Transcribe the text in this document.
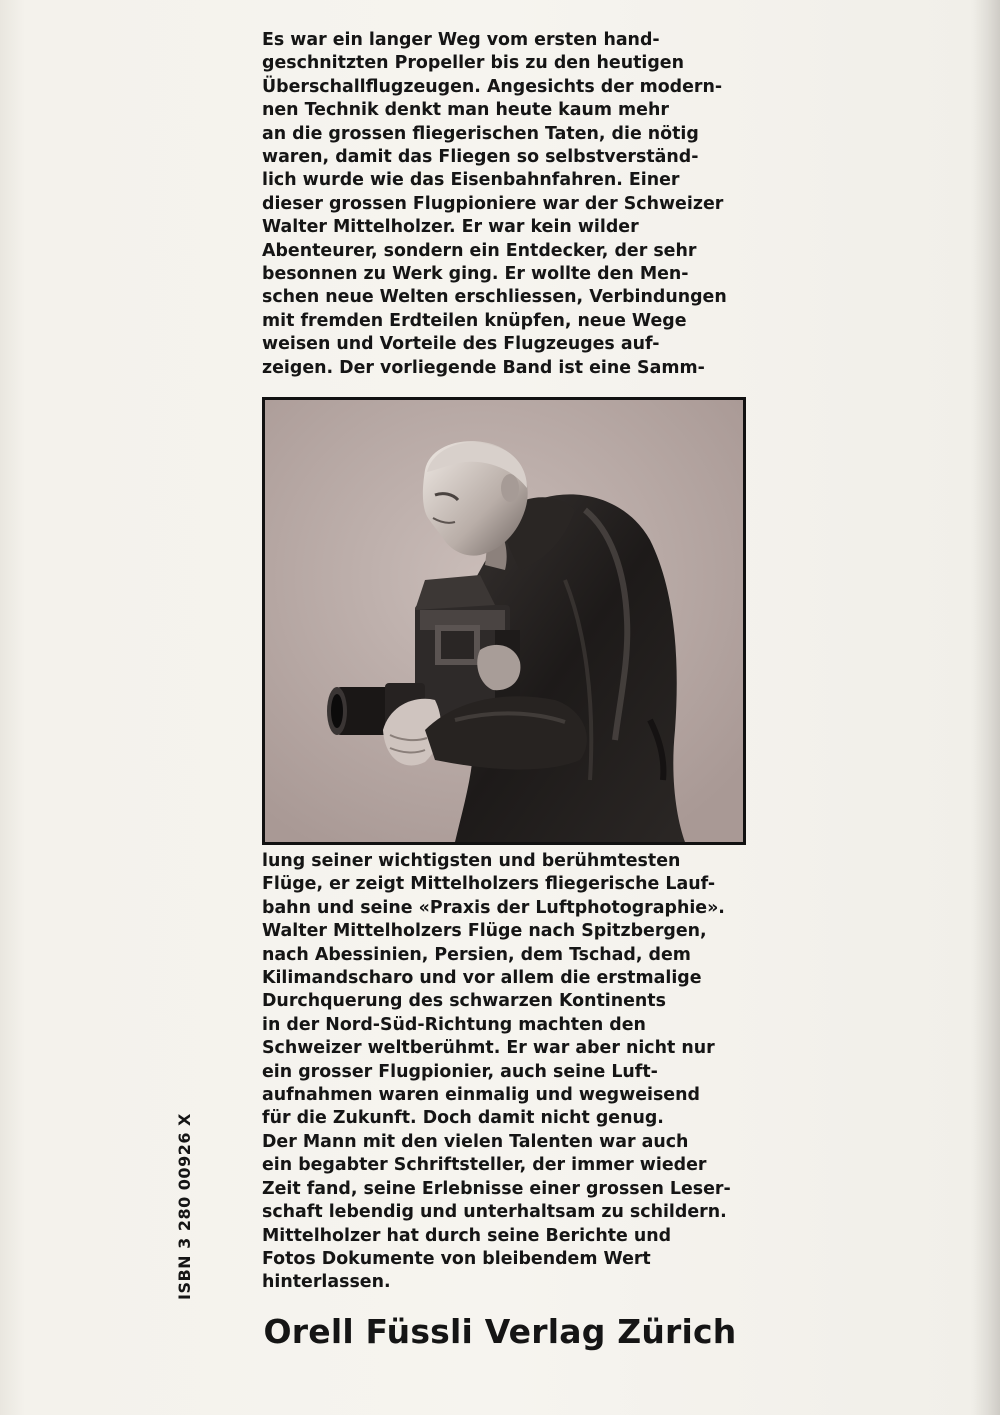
Es war ein langer Weg vom ersten hand-
geschnitzten Propeller bis zu den heutigen
Überschallflugzeugen. Angesichts der modern-
nen Technik denkt man heute kaum mehr
an die grossen fliegerischen Taten, die nötig
waren, damit das Fliegen so selbstverständ-
lich wurde wie das Eisenbahnfahren. Einer
dieser grossen Flugpioniere war der Schweizer
Walter Mittelholzer. Er war kein wilder
Abenteurer, sondern ein Entdecker, der sehr
besonnen zu Werk ging. Er wollte den Men-
schen neue Welten erschliessen, Verbindungen
mit fremden Erdteilen knüpfen, neue Wege
weisen und Vorteile des Flugzeuges auf-
zeigen. Der vorliegende Band ist eine Samm-
lung seiner wichtigsten und berühmtesten
Flüge, er zeigt Mittelholzers fliegerische Lauf-
bahn und seine «Praxis der Luftphotographie».
Walter Mittelholzers Flüge nach Spitzbergen,
nach Abessinien, Persien, dem Tschad, dem
Kilimandscharo und vor allem die erstmalige
Durchquerung des schwarzen Kontinents
in der Nord-Süd-Richtung machten den
Schweizer weltberühmt. Er war aber nicht nur
ein grosser Flugpionier, auch seine Luft-
aufnahmen waren einmalig und wegweisend
für die Zukunft. Doch damit nicht genug.
Der Mann mit den vielen Talenten war auch
ein begabter Schriftsteller, der immer wieder
Zeit fand, seine Erlebnisse einer grossen Leser-
schaft lebendig und unterhaltsam zu schildern.
Mittelholzer hat durch seine Berichte und
Fotos Dokumente von bleibendem Wert
hinterlassen.
ISBN 3 280 00926 X
Orell Füssli Verlag Zürich
